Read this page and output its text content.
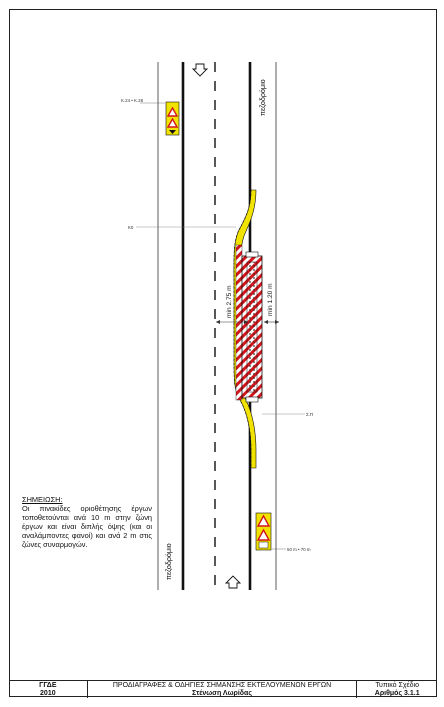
min 2.75 m	min 1.20 m
πεζοδρόμιο
πεζοδρόμιο
Κ.24 • Κ.28
50 m • 70 m
Κ0
Σ.Π
ΣΗΜΕΙΩΣΗ:
Οι πινακίδες οριοθέτησης έργων τοποθετούνται ανά 10 m στην ζώνη έργων και είναι διπλής όψης (και οι αναλάμποντες φανοί) και ανά 2 m στις ζώνες συναρμογών.
ΓΓΔΕ
2010
ΠΡΟΔΙΑΓΡΑΦΕΣ & ΟΔΗΓΙΕΣ ΣΗΜΑΝΣΗΣ ΕΚΤΕΛΟΥΜΕΝΩΝ ΕΡΓΩΝ
Στένωση Λωρίδας
Τυπικό Σχέδιο
Αριθμός 3.1.1
